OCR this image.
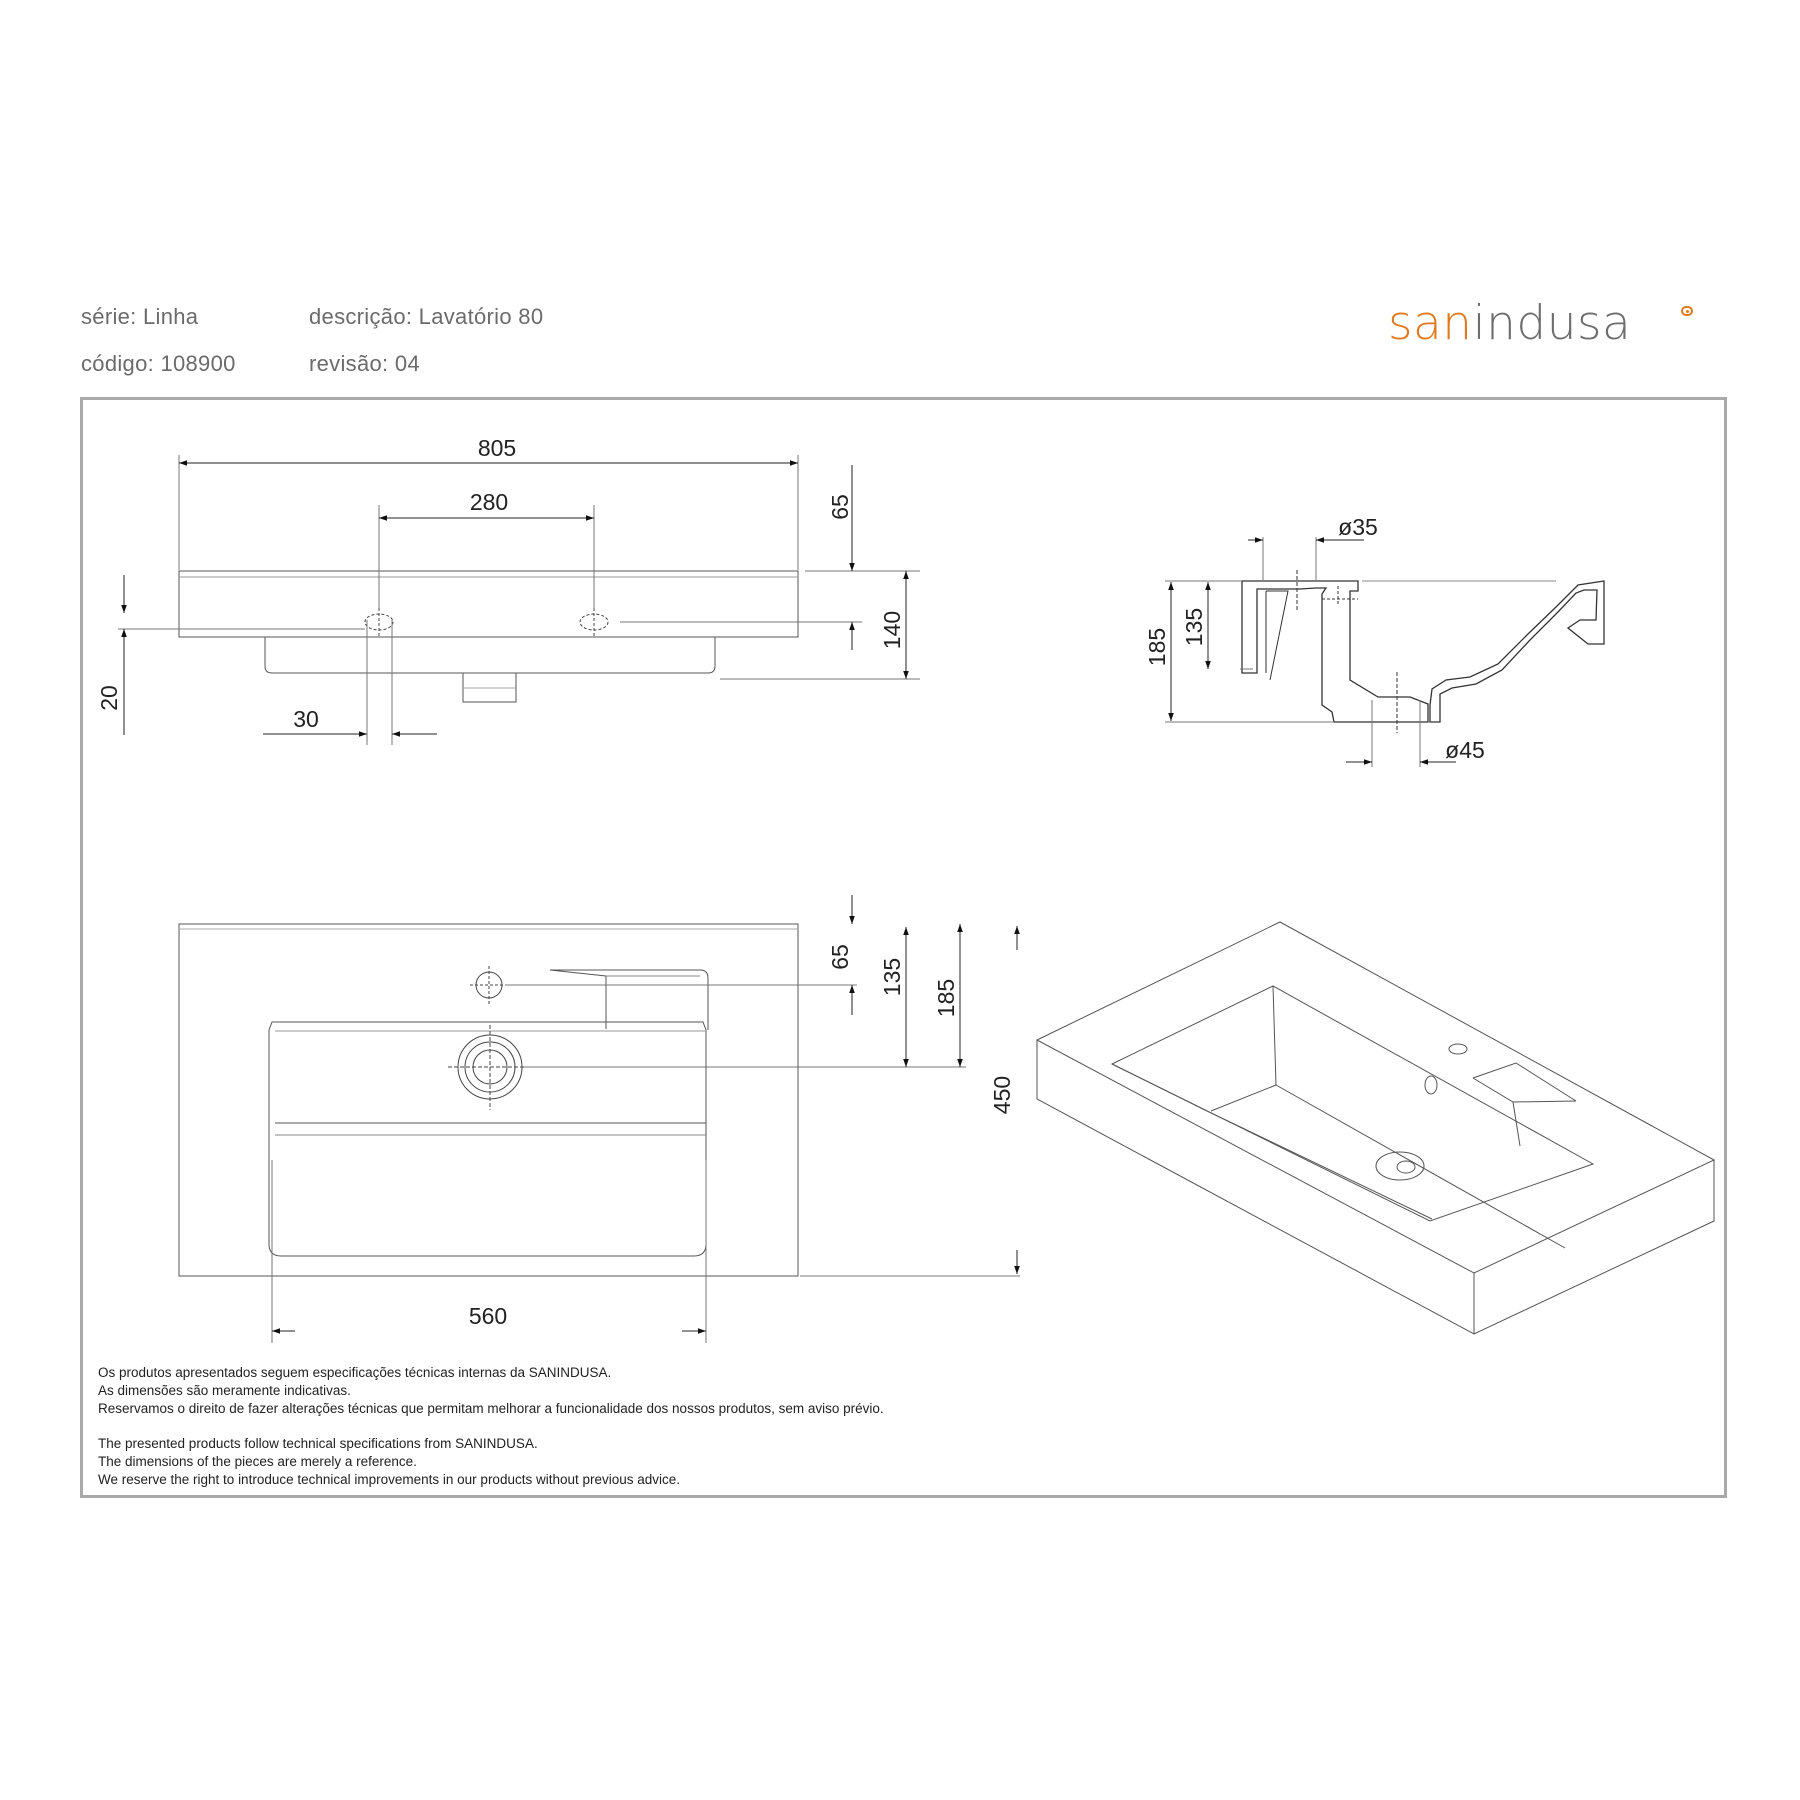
série: Linha	descrição: Lavatório 80
código: 108900	revisão: 04
sanindusa
805
280	65
140
20
30
ø35
185
135
ø45
65
135
185
450
560
Os produtos apresentados seguem especificações técnicas internas da SANINDUSA.
As dimensões são meramente indicativas.
Reservamos o direito de fazer alterações técnicas que permitam melhorar a funcionalidade dos nossos produtos, sem aviso prévio.
The presented products follow technical specifications from SANINDUSA.
The dimensions of the pieces are merely a reference.
We reserve the right to introduce technical improvements in our products without previous advice.
